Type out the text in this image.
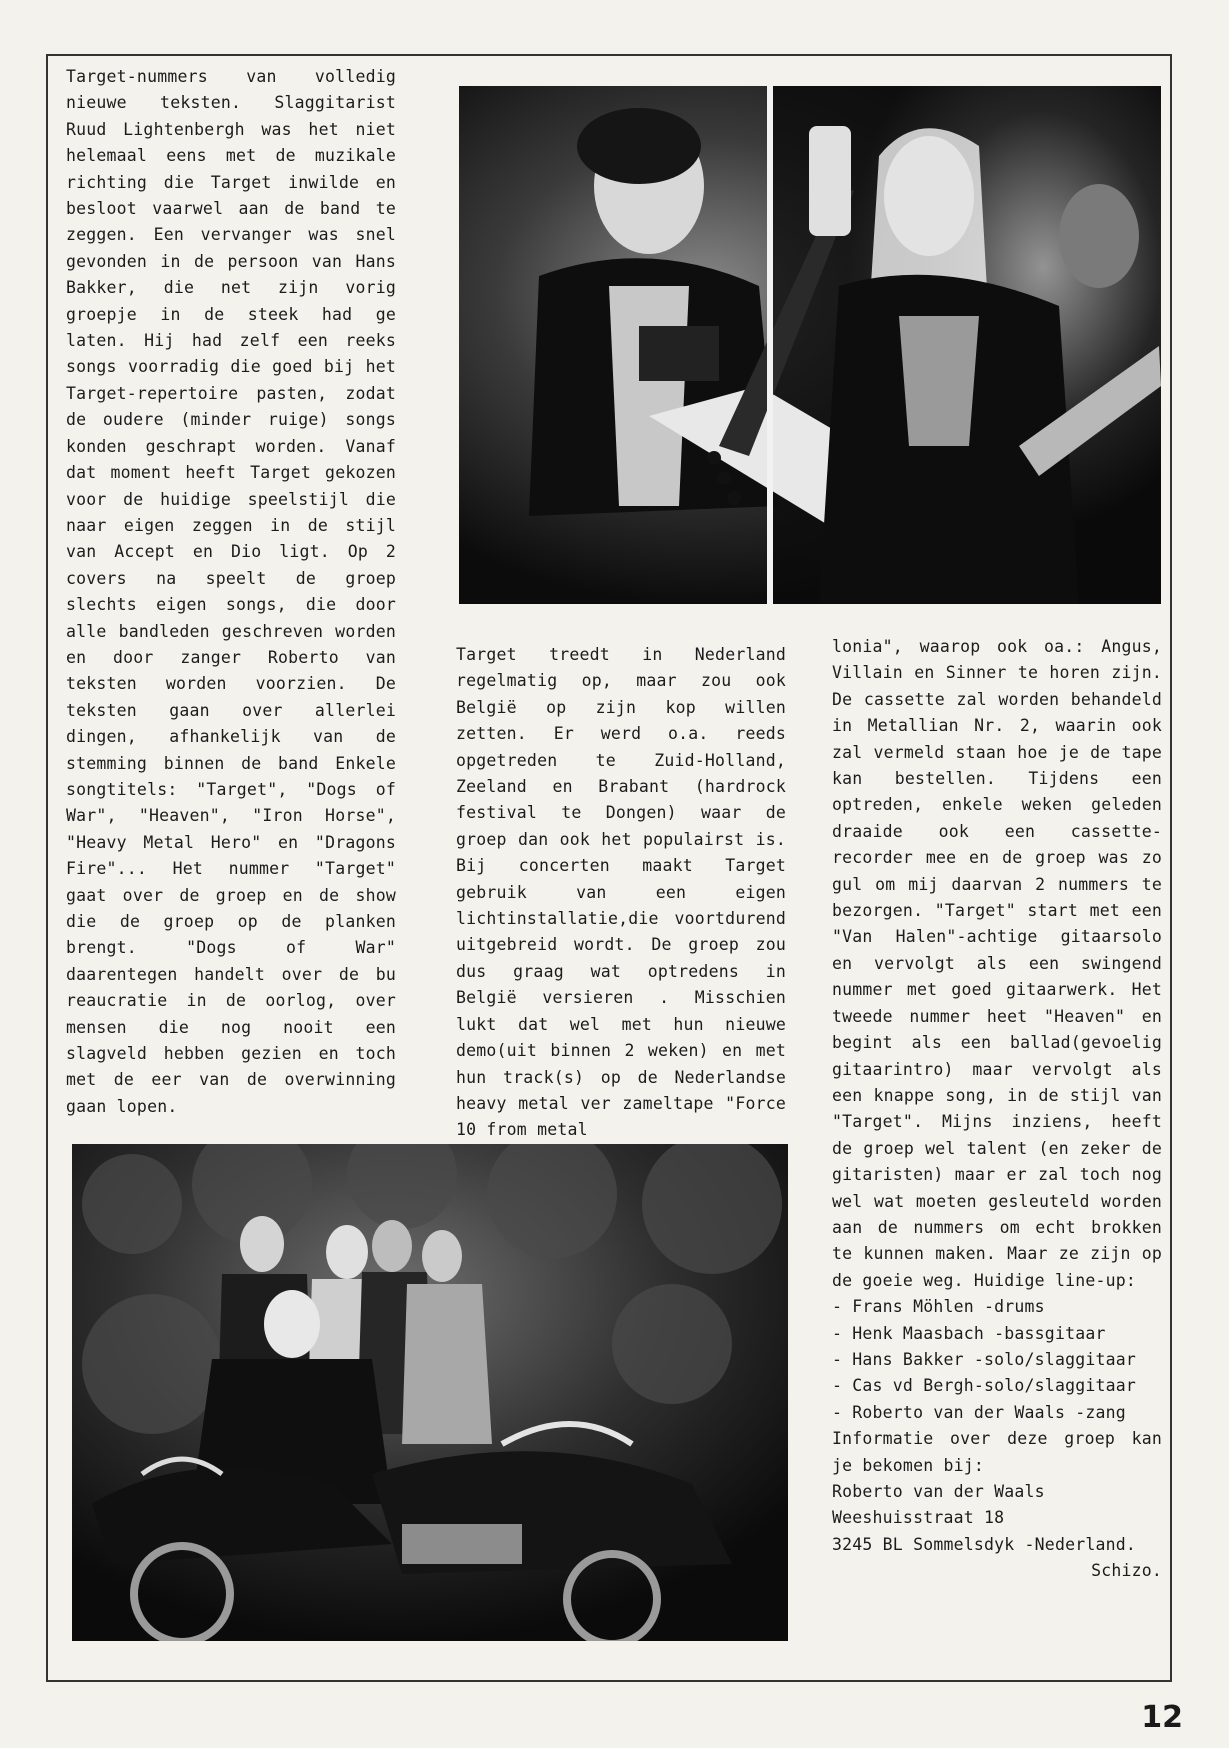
Target-nummers van volledig nieuwe teksten. Slaggitarist Ruud Lightenbergh was het niet helemaal eens met de muzikale richting die Target inwilde en besloot vaarwel aan de band te zeggen. Een vervanger was snel gevonden in de persoon van Hans Bakker, die net zijn vorig groepje in de steek had ge laten. Hij had zelf een reeks songs voorradig die goed bij het Target-repertoire pasten, zodat de oudere (minder ruige) songs konden geschrapt worden. Vanaf dat moment heeft Target gekozen voor de huidige speelstijl die naar eigen zeggen in de stijl van Accept en Dio ligt. Op 2 covers na speelt de groep slechts eigen songs, die door alle bandleden geschreven worden en door zanger Roberto van teksten worden voorzien. De teksten gaan over allerlei dingen, afhankelijk van de stemming binnen de band Enkele songtitels: "Target", "Dogs of War", "Heaven", "Iron Horse", "Heavy Metal Hero" en "Dragons Fire"... Het nummer "Target" gaat over de groep en de show die de groep op de planken brengt. "Dogs of War" daarentegen handelt over de bu reaucratie in de oorlog, over mensen die nog nooit een slagveld hebben gezien en toch met de eer van de overwinning gaan lopen.

Target treedt in Nederland regelmatig op, maar zou ook België op zijn kop willen zetten. Er werd o.a. reeds opgetreden te Zuid-Holland, Zeeland en Brabant (hardrock festival te Dongen) waar de groep dan ook het populairst is. Bij concerten maakt Target gebruik van een eigen lichtinstallatie,die voortdurend uitgebreid wordt. De groep zou dus graag wat optredens in België versieren . Misschien lukt dat wel met hun nieuwe demo(uit binnen 2 weken) en met hun track(s) op de Nederlandse heavy metal ver zameltape "Force 10 from metal

lonia", waarop ook oa.: Angus, Villain en Sinner te horen zijn. De cassette zal worden behandeld in Metallian Nr. 2, waarin ook zal vermeld staan hoe je de tape kan bestellen. Tijdens een optreden, enkele weken geleden draaide ook een cassette-recorder mee en de groep was zo gul om mij daarvan 2 nummers te bezorgen. "Target" start met een "Van Halen"-achtige gitaarsolo en vervolgt als een swingend nummer met goed gitaarwerk. Het tweede nummer heet "Heaven" en begint als een ballad(gevoelig gitaarintro) maar vervolgt als een knappe song, in de stijl van "Target". Mijns inziens, heeft de groep wel talent (en zeker de gitaristen) maar er zal toch nog wel wat moeten gesleuteld worden aan de nummers om echt brokken te kunnen maken. Maar ze zijn op de goeie weg. Huidige line-up:

- Frans Möhlen -drums
- Henk Maasbach -bassgitaar
- Hans Bakker -solo/slaggitaar
- Cas vd Bergh-solo/slaggitaar
- Roberto van der Waals -zang

Informatie over deze groep kan je bekomen bij:

Roberto van der Waals
Weeshuisstraat 18
3245 BL Sommelsdyk -Nederland.

Schizo.

12
